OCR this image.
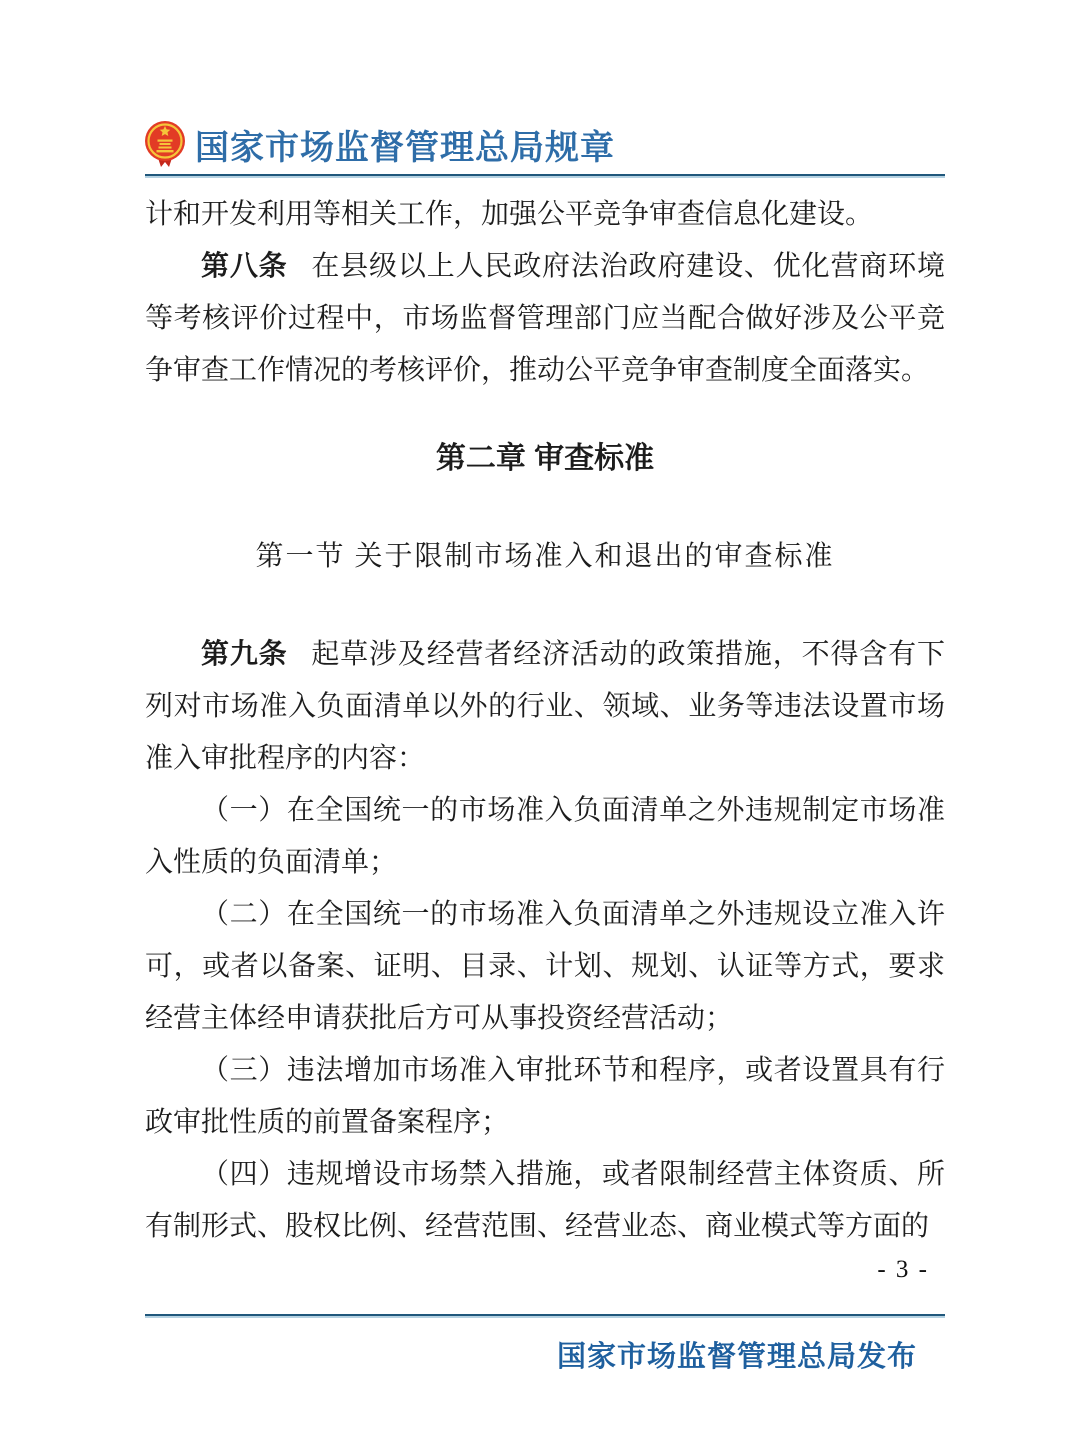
国家市场监督管理总局规章

计和开发利用等相关工作，加强公平竞争审查信息化建设。

第八条 在县级以上人民政府法治政府建设、优化营商环境等考核评价过程中，市场监督管理部门应当配合做好涉及公平竞争审查工作情况的考核评价，推动公平竞争审查制度全面落实。

第二章 审查标准
第一节 关于限制市场准入和退出的审查标准

第九条 起草涉及经营者经济活动的政策措施，不得含有下列对市场准入负面清单以外的行业、领域、业务等违法设置市场准入审批程序的内容：

（一）在全国统一的市场准入负面清单之外违规制定市场准入性质的负面清单；

（二）在全国统一的市场准入负面清单之外违规设立准入许可，或者以备案、证明、目录、计划、规划、认证等方式，要求经营主体经申请获批后方可从事投资经营活动；

（三）违法增加市场准入审批环节和程序，或者设置具有行政审批性质的前置备案程序；

（四）违规增设市场禁入措施，或者限制经营主体资质、所有制形式、股权比例、经营范围、经营业态、商业模式等方面的

- 3 -
国家市场监督管理总局发布
